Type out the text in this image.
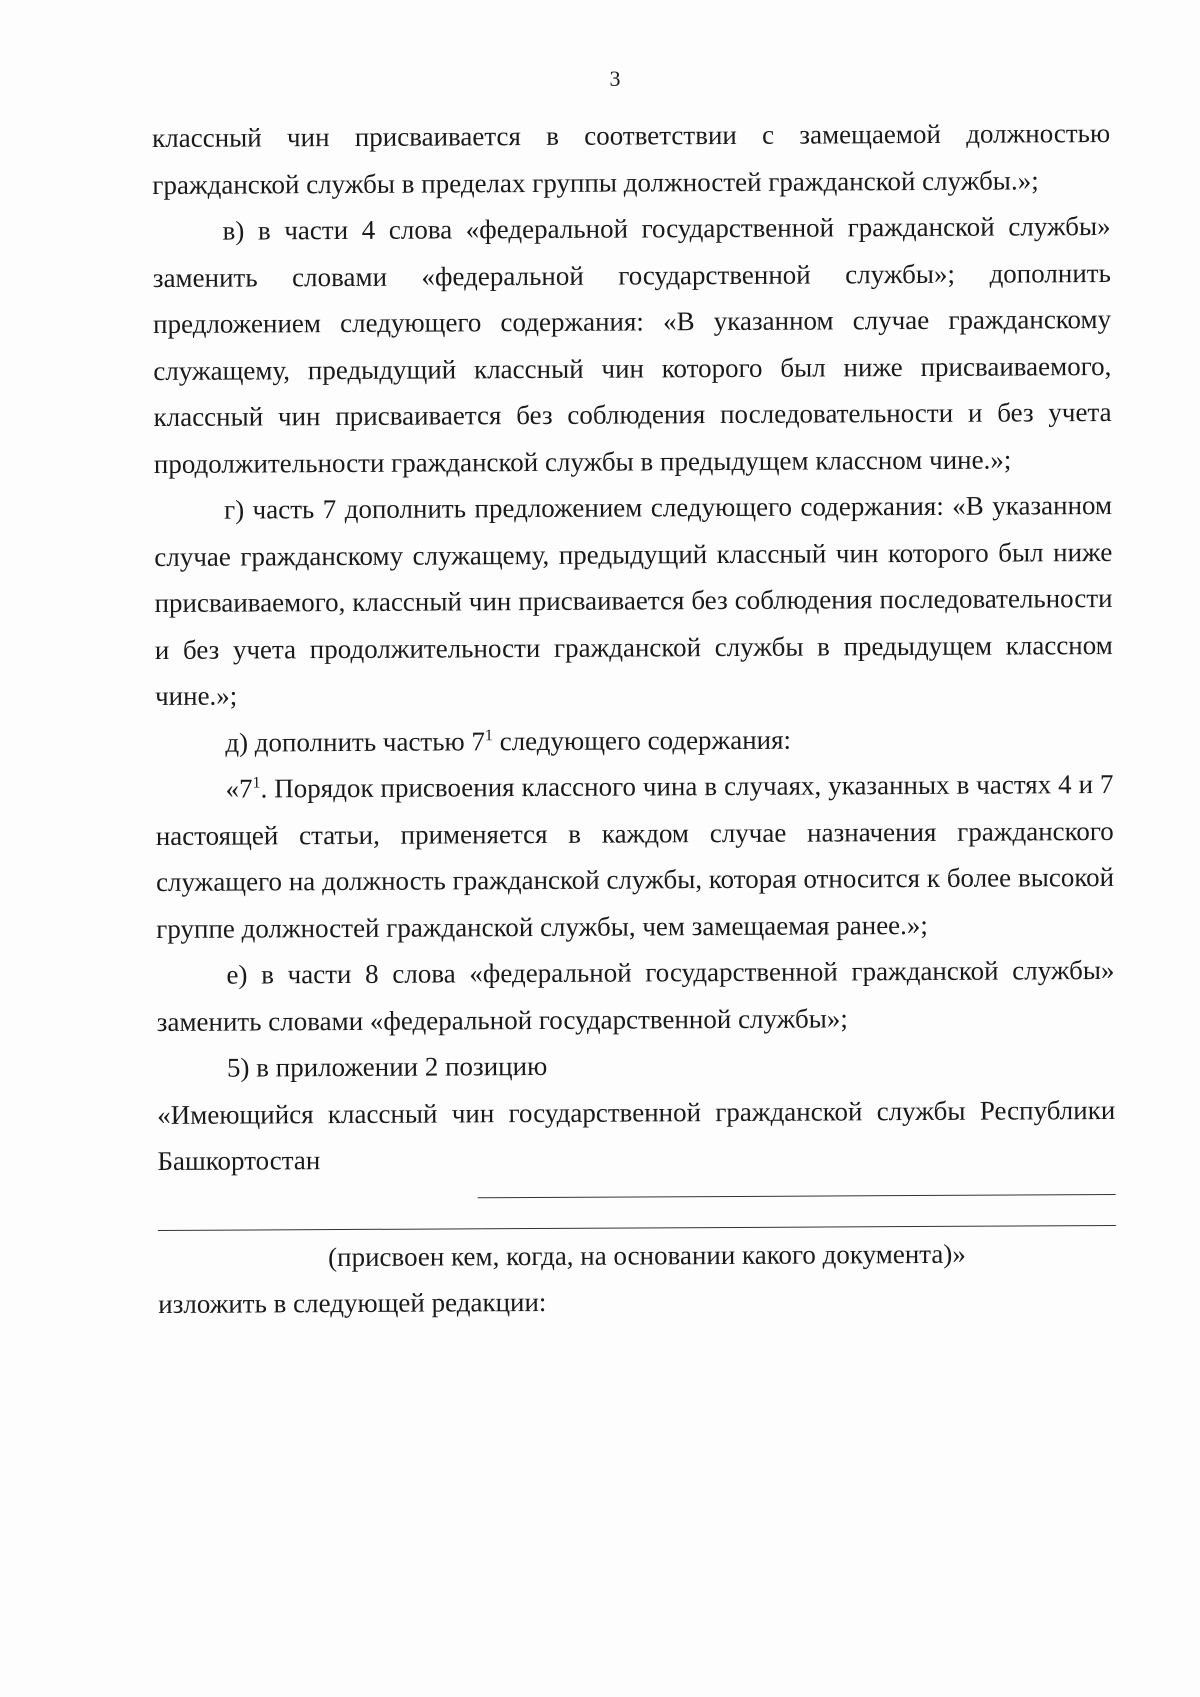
3

классный чин присваивается в соответствии с замещаемой должностью гражданской службы в пределах группы должностей гражданской службы.»;

в) в части 4 слова «федеральной государственной гражданской службы» заменить словами «федеральной государственной службы»; дополнить предложением следующего содержания: «В указанном случае гражданскому служащему, предыдущий классный чин которого был ниже присваиваемого, классный чин присваивается без соблюдения последовательности и без учета продолжительности гражданской службы в предыдущем классном чине.»;

г) часть 7 дополнить предложением следующего содержания: «В указанном случае гражданскому служащему, предыдущий классный чин которого был ниже присваиваемого, классный чин присваивается без соблюдения последовательности и без учета продолжительности гражданской службы в предыдущем классном чине.»;

д) дополнить частью $7^1$ следующего содержания:

«$7^1$. Порядок присвоения классного чина в случаях, указанных в частях 4 и 7 настоящей статьи, применяется в каждом случае назначения гражданского служащего на должность гражданской службы, которая относится к более высокой группе должностей гражданской службы, чем замещаемая ранее.»;

е) в части 8 слова «федеральной государственной гражданской службы» заменить словами «федеральной государственной службы»;

5) в приложении 2 позицию

«Имеющийся классный чин государственной гражданской службы Республики Башкортостан

(присвоен кем, когда, на основании какого документа)»

изложить в следующей редакции:
